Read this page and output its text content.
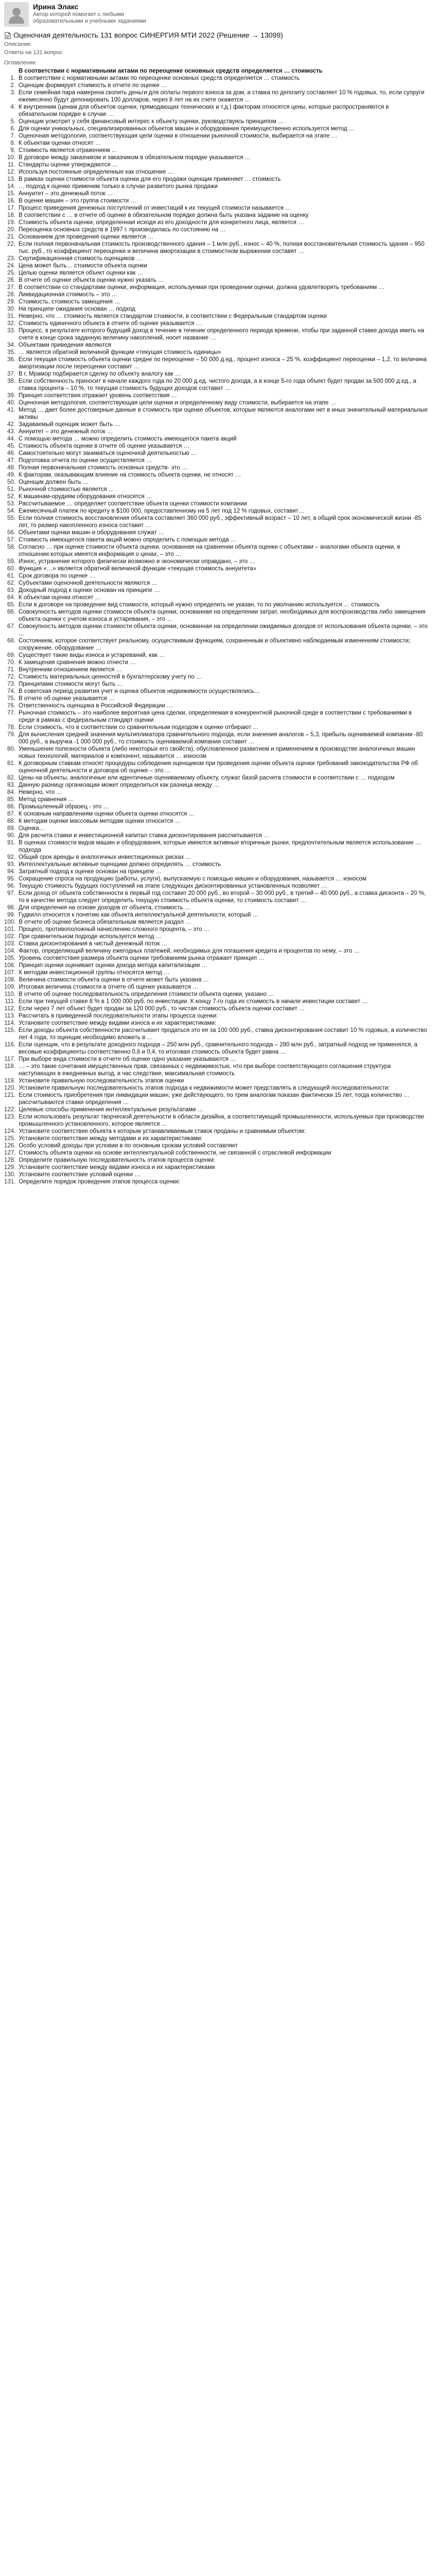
Ирина Элакс
Автор которой помогает с любыми образовательными и учебными заданиями
Оценочная деятельность 131 вопрос СИНЕРГИЯ МТИ 2022 (Решение → 13099)
Описание:
Ответы на 131 вопрос
Оглавление
В соответствии с нормативными актами по переоценке основных средств определяется … стоимость
1. В соответствии с нормативными актами по переоценке основных средств определяется … стоимость
2. Оценщик формирует стоимость в отчете по оценке …
3. Если семейная пара намерена скопить деньги для оплаты первого взноса за дом, а ставка по депозиту составляет 10 % годовых, то, если супруги ежемесячно будут депонировать 100 долларов, через 8 лет на их счете окажется …
4. К внутренним (ценам для объектов оценки, прямодающих технических и т.д.) факторам относятся цены, которые распространяются в обязательном порядке в случае …
5. Оценщик усмотрит у себя финансовый интерес к объекту оценки, руководствуясь принципом …
6. Для оценки уникальных, специализированных объектов машин и оборудования преимущественно используется метод …
7. Оценочная методология, соответствующая цели оценки в отношении рыночной стоимости, выбирается на этапе …
8. К объектам оценки относят …
9. Стоимость является отражением …
10. В договоре между заказчиком и заказчиком в обязательном порядке указывается …
11. Стандарты оценки утверждаются …
12. Используя постоянные определенные как отношение …
13. В рамках оценки стоимости объекта оценки для его продажи оценщик применяет … стоимость
14. … подход к оценке применим только в случае развитого рынка продажи
15. Аннуитет – это денежный поток …
16. В оценке машин – это группа стоимости …
17. Процесс приведения денежных поступлений от инвестиций к их текущей стоимости называется …
18. В соответствии с … в отчете об оценке в обязательном порядке должна быть указана задание на оценку
19. Стоимость объекта оценки, определенная исходя из его доходности для конкретного лица, является …
20. Переоценка основных средств в 1997 г. производилась по состоянию на …
21. Основанием для проведения оценки является …
22. Если полная первоначальная стоимость производственного здания – 1 млн руб., износ – 40 %, полная восстановительная стоимость здания – 950 тыс. руб., то коэффициент переоценки и величина амортизации в стоимостном выражении составят …
23. Сертификационная стоимость оценщиков …
24. Цена может быть… стоимости объекта оценки
25. Целью оценки является объект оценки как …
26. В отчете об оценке объекта оценки нужно указать …
27. В соответствии со стандартами оценки, информация, используемая при проведении оценки, должна удовлетворять требованиям …
28. Ликвидационная стоимость – это …
29. Стоимость, стоимость замещения …
30. На принципе ожидания основан … подход
31. Неверно, что … стоимость является стандартом стоимости, в соответствии с Федеральным стандартом оценки
32. Стоимость единичного объекта в отчете об оценке указывается …
33. Процесс, в результате которого будущий доход в течение в течение определенного периода времени, чтобы при заданной ставке дохода иметь на счете в конце срока заданную величину накоплений, носит название …
34. Объектами приведения являются
35. … является обратной величиной функции «текущая стоимость единицы»
36. Если текущая стоимость объекта оценки средне по переоценке – 50 000 д.ед., процент износа – 25 %, коэффициент переоценки – 1,2, то величина амортизации после переоценки составит …
37. В г. Мрамор подбирается сделку по объекту аналогу как …
38. Если собственность приносит в начале каждого года по 20 000 д.ед. чистого дохода, а в конце 5-го года объект будет продан за 500 000 д.ед., а ставка процента – 10 %, то текущая стоимость будущих доходов составит …
39. Принцип соответствия отражает уровень соответствия …
40. Оценочная методология, соответствующая цели оценки и определенному виду стоимости, выбирается на этапе …
41. Метод … дает более достоверные данные в стоимость при оценке объектов, которые являются аналогами нет в иных значительный материальные активы
42. Задаваемый оценщик может быть …
43. Аннуитет – это денежный поток …
44. С помощью метода … можно определить стоимость имеющегося пакета акций
45. Стоимость объекта оценки в отчете об оценке указывается …
46. Самостоятельно могут заниматься оценочной деятельностью …
47. Подготовка отчета по оценке осуществляется …
48. Полная первоначальная стоимость основных средств- это …
49. К факторам, оказывающим влияние на стоимость объекта оценки, не относят …
50. Оценщик должен быть …
51. Рыночной стоимостью является …
52. К машинам-орудиям оборудования относятся …
53. Рассчитываемое … определяет соответствие объекта оценки стоимости компании
54. Ежемесячный платеж по кредиту в $100 000, предоставленному на 5 лет под 12 % годовых, составит…
55. Если полная стоимость восстановления объекта составляет 360 000 руб., эффективный возраст – 10 лет, а общий срок экономической жизни -85 лет, то размер накопленного износа составит …
56. Объектами оценки машин и оборудования служат …
57. Стоимость имеющегося пакета акций можно определить с помощью метода …
58. Согласно … при оценке стоимости объекта оценки, основанная на сравнении объекта оценки с объектами – аналогами объекта оценки, в отношении которых имеется информация о ценах, – это …
59. Износ, устранение которого физически возможно и экономически оправдано, – это …
60. Функция «…» является обратной величиной функции «текущая стоимость аннуитета»
61. Срок договора по оценке …
62. Субъектами оценочной деятельности являются …
63. Доходный подход к оценке основан на принципе …
64. К объектам оценки относят …
65. Если в договоре на проведение вид стоимости, который нужно определить не указан, то по умолчанию используется … стоимость
66. Совокупность методов оценки стоимости объекта оценки, основанная на определении затрат, необходимых для воспроизводства либо замещения объекта оценки с учетом износа и устаревания, – это …
67. Совокупность методов оценки стоимости объекта оценки, основанная на определении ожидаемых доходов от использования объекта оценки, – это …
68. Состоянием, которое соответствует реальному, осуществимым функциям, сохраненным и объективно наблюдаемым изменениям стоимости; сооружение, оборудование …
69. Существует такие виды износа и устареваний, как …
70. К замещения сравнения можно отнести …
71. Внутренним отношением является …
72. Стоимость материальных ценностей в бухгалтерскому учету по …
73. Принципами стоимости могут быть …
74. В советская период развития учет и оценка объектов недвижимости осуществлялись…
75. В отчете об оценке указывается …
76. Ответственность оценщика в Российской Федерации …
77. Рыночная стоимость – это наиболее вероятная цена сделки, определяемая в конкурентной рыночной среде в соответствии с требованиями в среде в рамках с федеральным стандарт оценки
78. Если стоимость, что в соответствии со сравнительным подходом к оценке отбирают …
79. Для вычисления средней значения мультипликатора сравнительного подхода, если значения аналогов – 5,3, прибыль оцениваемой компании -80 000 руб., а выручка -1 000 000 руб., то стоимость оцениваемой компании составит …
80. Уменьшение полезности объекта (либо некоторых его свойств), обусловленное развитием и применением в производстве аналогичных машин новых технологий, материалов и компонент, называется … износом
81. К договорным ставкам относят процедуры соблюдения оценщиком при проведения оценки объекта оценки требований законодательства РФ об оценочной деятельности и договора об оценке – это …
82. Цены на объекты, аналогичные или идентичные оцениваемому объекту, служат базой расчета стоимости в соответствии с … подходом
83. Данную разницу организации может определиться как разница между …
84. Неверно, что …
85. Метод сравнения …
86. Промышленный образец - это …
87. К основным направлениям оценки объекта оценки относятся …
88. К методам оценки массовым методам оценки относится …
89. Оценка…
90. Для расчета ставки и инвестиционной капитал ставка дисконтирования рассчитывается …
91. В оценках стоимости видов машин и оборудования, которые имеются активные вторичные рынки, предпочтительным является использование … подхода
92. Общий срок аренды в аналогичных инвестиционных рисках …
93. Интеллектуальные активные оценщики должно определять … стоимость
94. Затратный подход к оценке основан на принципе …
95. Сокращение спроса на продукцию (работы, услуги), выпускаемую с помощью машин и оборудования, называется … износом
96. Текущую стоимость будущих поступлений на этапе следующих дисконтированных установленных позволяет …
97. Если доход от объекта собственности в первый год составит 20 000 руб., во второй – 30 000 руб., в третий – 40 000 руб., а ставка дисконта – 20 %, то в качестве метода следует определить текущую стоимость объекта оценки, то стоимость составит …
98. Для определения на основе доходов от объекта, стоимость …
99. Гудвилл относится к понятию как объекта интеллектуальной деятельности, который …
100. В отчете об оценке бизнеса обязательным является раздел …
101. Процесс, противоположный начислению сложного процента, – это …
102. При сравнительном подходе используется метод …
103. Ставка дисконтирования в чистый денежный поток …
104. Фактор, определяющий величину ежегодных платежей, необходимых для погашения кредита и процентов по нему, – это …
105. Уровень соответствия размера объекта оценки требованиям рынка отражает принцип …
106. Принцип оценки оценивает оценки дохода метода капитализации …
107. К методам инвестиционной группы относятся метод …
108. Величина стоимости объекта оценки в отчете может быть указана …
109. Итоговая величина стоимости в отчете об оценке указывается …
110. В отчете об оценке последовательность определения стоимости объекта оценки, указано …
111. Если при текущей ставке 8 % в 1 000 000 руб. по инвестиции. К концу 7-го года их стоимость в начале инвестиции составит …
112. Если через 7 лет объект будет продан за 120 000 руб., то чистая стоимость объекта оценки составит …
113. Рассчитать в приведенной последовательности этапы процесса оценки:
114. Установите соответствие между видами износа и их характеристиками:
115. Если доходы объекта собственности рассчитывает продаться это ее за 100 000 руб., ставка дисконтирования составит 10 % годовых, а количество лет 4 года, то оценщик необходимо вложить в …
116. Если оценщик, что в результате доходного подхода – 250 млн руб., сравнительного подхода – 280 млн руб., затратный подход не применялся, а весовые коэффициенты соответственно 0,6 и 0,4, то итоговая стоимость объекта будет равна …
117. При выборе вида стоимости в отчете об оценке одно указание указываются …
118. … – это такие сочетания имущественных прав, связанных с недвижимостью, что при выборе соответствующего соглашения структура наступающих в ежедневных выгод, в час следствие, максимальная стоимость
119. Установите правильную последовательность этапов оценки
120. Установите правильную последовательность этапов подхода к недвижимости может представлять в следующей последовательности:
121. Если стоимость приобретения при ликвидации машин, уже действующего, по трем аналогам показан фактически 15 лет, тогда количество … рассчитываются ставки определения …
122. Целевые способы применения интеллектуальные результатами …
123. Если использовать результат творческой деятельности в области дизайна, а соответствующий промышленности, используемых при производстве промышленного установленного, которое является …
124. Установите соответствие объекта к которым устанавливаемым ставок проданы и сравнимым объектом:
125. Установите соответствие между методами и их характеристиками:
126. Особо условий доходы при условии в по основным срокам условий составляет
127. Стоимость объекта оценки на основе интеллектуальной собственности, не связанной с отраслевой информации
128. Определите правильную последовательность этапов процесса оценки:
129. Установите соответствие между видами износа и их характеристиками
130. Установите соответствие условий оценки …
131. Определите порядок проведения этапов процесса оценки:
